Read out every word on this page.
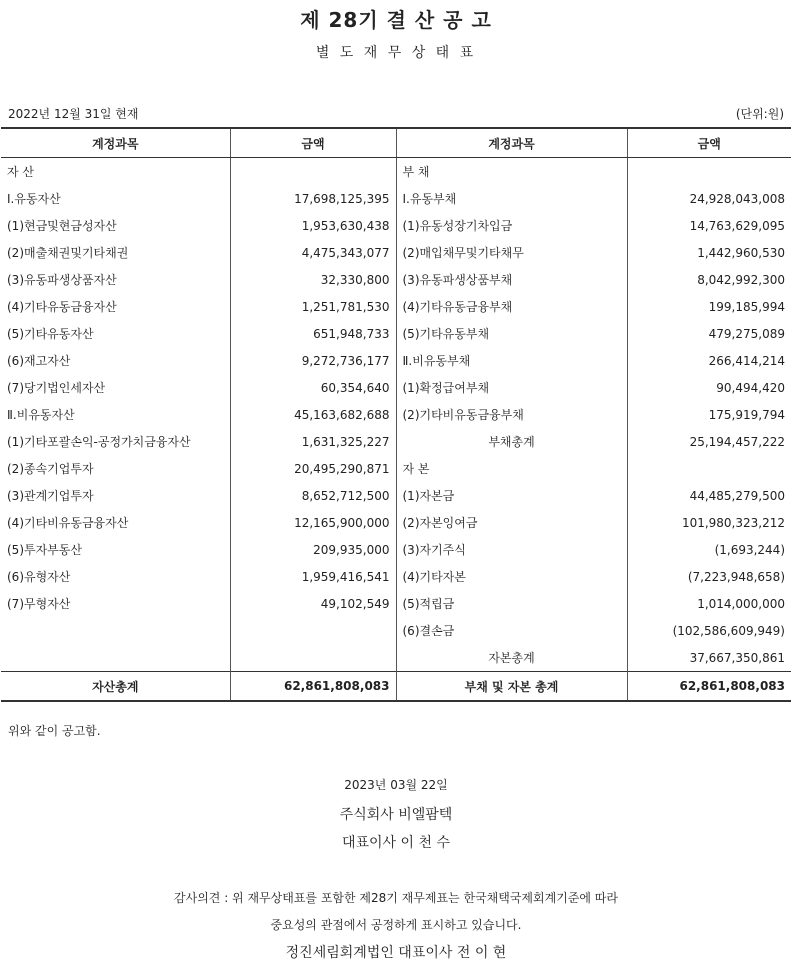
제 28기 결 산 공 고
별 도 재 무 상 태 표
2022년 12월 31일 현재	(단위:원)
계정과목	금액	계정과목	금액
자 산		부 채	
Ⅰ.유동자산	17,698,125,395	Ⅰ.유동부채	24,928,043,008
(1)현금및현금성자산	1,953,630,438	(1)유동성장기차입금	14,763,629,095
(2)매출채권및기타채권	4,475,343,077	(2)매입채무및기타채무	1,442,960,530
(3)유동파생상품자산	32,330,800	(3)유동파생상품부채	8,042,992,300
(4)기타유동금융자산	1,251,781,530	(4)기타유동금융부채	199,185,994
(5)기타유동자산	651,948,733	(5)기타유동부채	479,275,089
(6)재고자산	9,272,736,177	Ⅱ.비유동부채	266,414,214
(7)당기법인세자산	60,354,640	(1)확정급여부채	90,494,420
Ⅱ.비유동자산	45,163,682,688	(2)기타비유동금융부채	175,919,794
(1)기타포괄손익-공정가치금융자산	1,631,325,227	부채총계	25,194,457,222
(2)종속기업투자	20,495,290,871	자 본	
(3)관계기업투자	8,652,712,500	(1)자본금	44,485,279,500
(4)기타비유동금융자산	12,165,900,000	(2)자본잉여금	101,980,323,212
(5)투자부동산	209,935,000	(3)자기주식	(1,693,244)
(6)유형자산	1,959,416,541	(4)기타자본	(7,223,948,658)
(7)무형자산	49,102,549	(5)적립금	1,014,000,000
		(6)결손금	(102,586,609,949)
		자본총계	37,667,350,861
자산총계	62,861,808,083	부채 및 자본 총계	62,861,808,083
위와 같이 공고함.
2023년 03월 22일
주식회사 비엘팜텍
대표이사 이 천 수
감사의견 : 위 재무상태표를 포함한 제28기 재무제표는 한국채택국제회계기준에 따라
중요성의 관점에서 공정하게 표시하고 있습니다.
정진세림회계법인 대표이사 전 이 현
